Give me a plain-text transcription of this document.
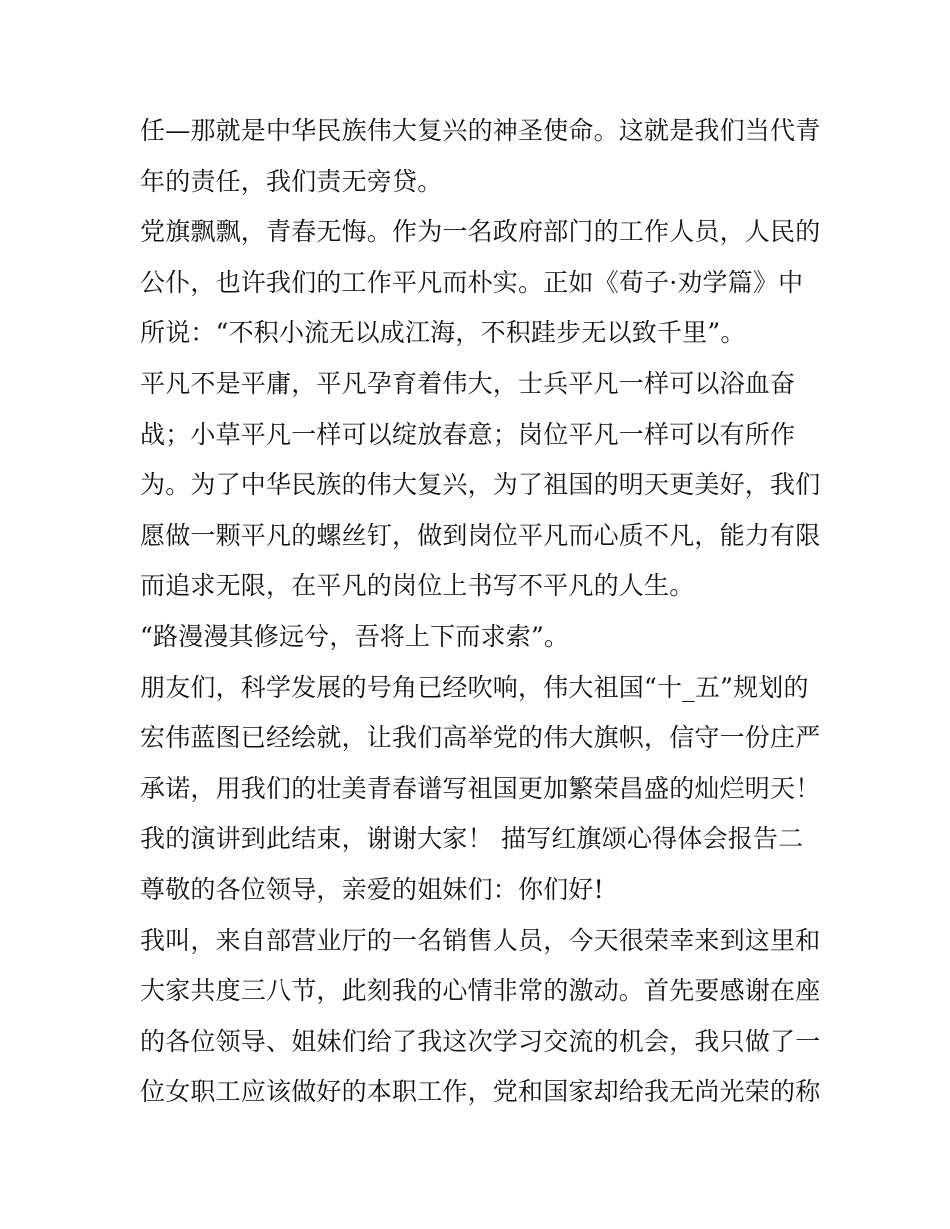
任—那就是中华民族伟大复兴的神圣使命。这就是我们当代青
年的责任，我们责无旁贷。
党旗飘飘，青春无悔。作为一名政府部门的工作人员，人民的
公仆，也许我们的工作平凡而朴实。正如《荀子·劝学篇》中
所说：“不积小流无以成江海，不积跬步无以致千里”。
平凡不是平庸，平凡孕育着伟大，士兵平凡一样可以浴血奋
战；小草平凡一样可以绽放春意；岗位平凡一样可以有所作
为。为了中华民族的伟大复兴，为了祖国的明天更美好，我们
愿做一颗平凡的螺丝钉，做到岗位平凡而心质不凡，能力有限
而追求无限，在平凡的岗位上书写不平凡的人生。
“路漫漫其修远兮，吾将上下而求索”。
朋友们，科学发展的号角已经吹响，伟大祖国“十_五”规划的
宏伟蓝图已经绘就，让我们高举党的伟大旗帜，信守一份庄严
承诺，用我们的壮美青春谱写祖国更加繁荣昌盛的灿烂明天！
我的演讲到此结束，谢谢大家！ 描写红旗颂心得体会报告二
尊敬的各位领导，亲爱的姐妹们：你们好!
我叫，来自部营业厅的一名销售人员，今天很荣幸来到这里和
大家共度三八节，此刻我的心情非常的激动。首先要感谢在座
的各位领导、姐妹们给了我这次学习交流的机会，我只做了一
位女职工应该做好的本职工作，党和国家却给我无尚光荣的称
